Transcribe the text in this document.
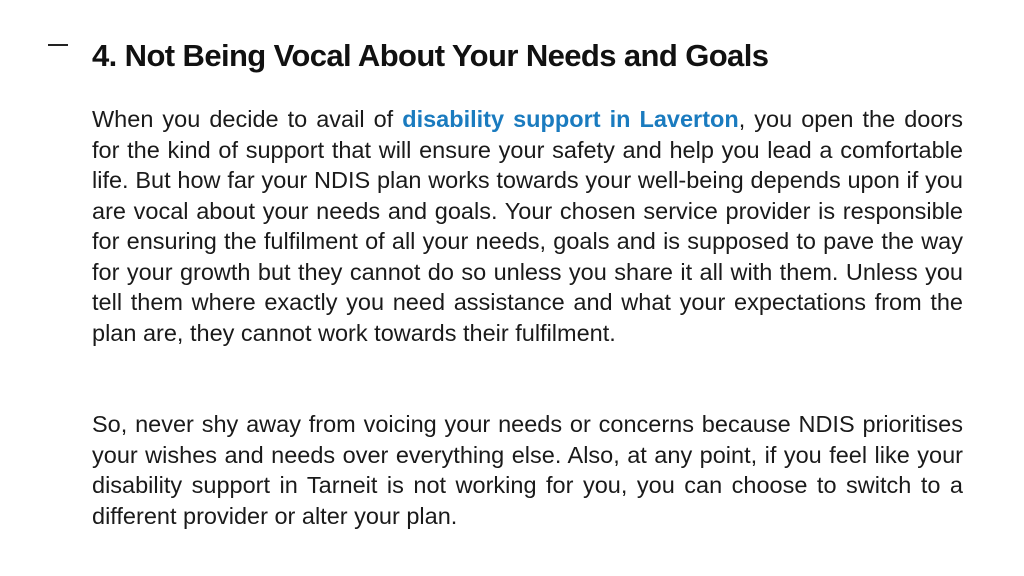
4. Not Being Vocal About Your Needs and Goals

When you decide to avail of disability support in Laverton, you open the doors for the kind of support that will ensure your safety and help you lead a comfortable life. But how far your NDIS plan works towards your well-being depends upon if you are vocal about your needs and goals. Your chosen service provider is responsible for ensuring the fulfilment of all your needs, goals and is supposed to pave the way for your growth but they cannot do so unless you share it all with them. Unless you tell them where exactly you need assistance and what your expectations from the plan are, they cannot work towards their fulfilment.

So, never shy away from voicing your needs or concerns because NDIS prioritises your wishes and needs over everything else. Also, at any point, if you feel like your disability support in Tarneit is not working for you, you can choose to switch to a different provider or alter your plan.
